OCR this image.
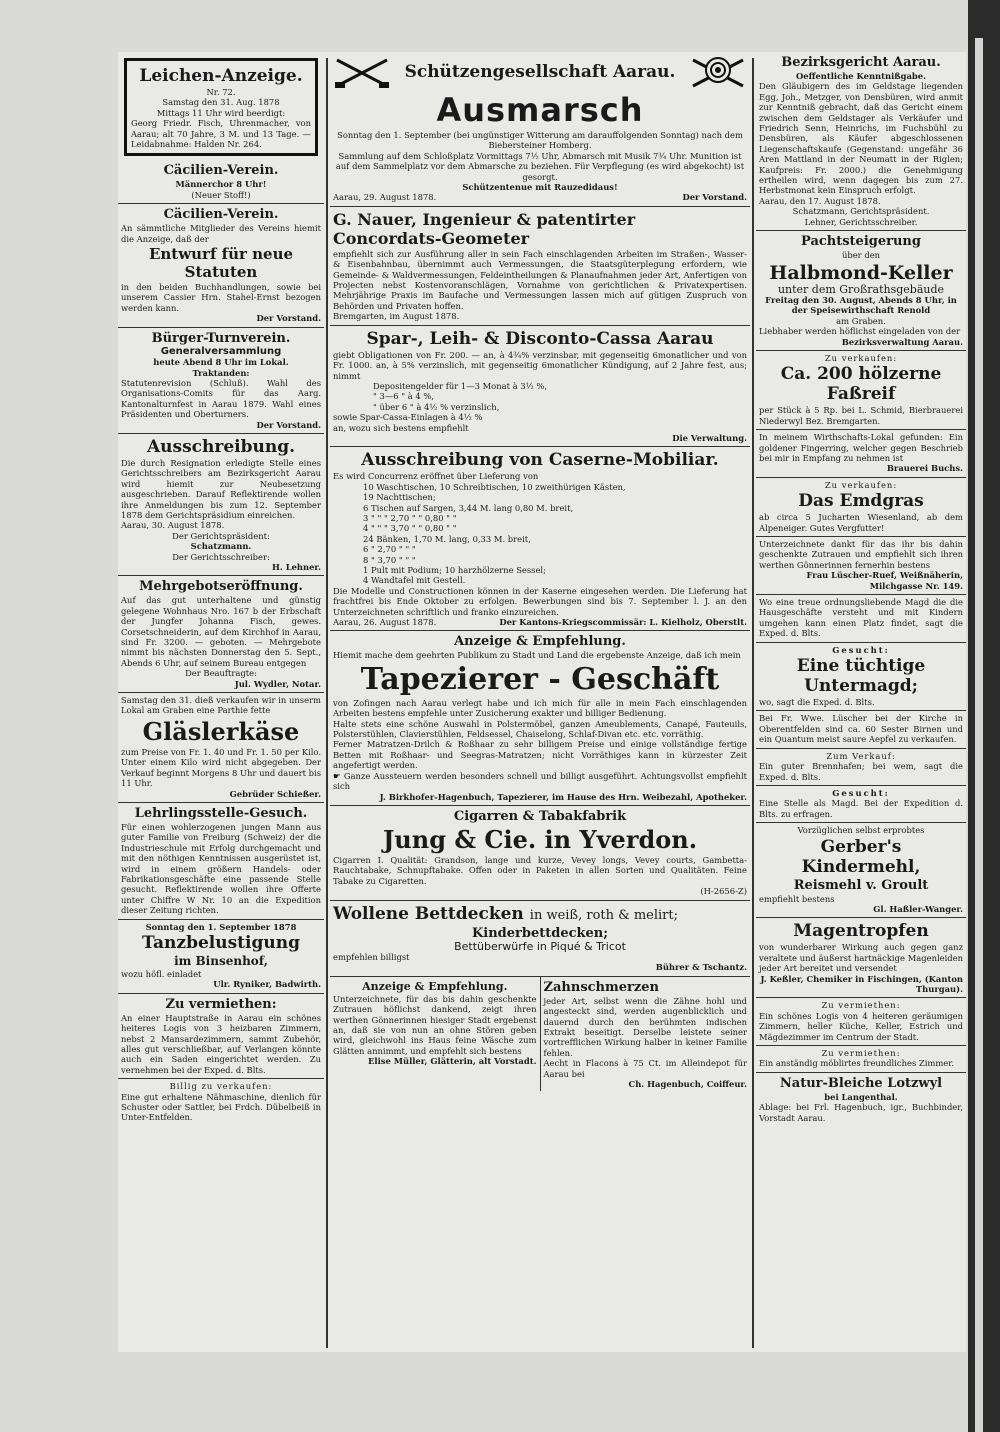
Leichen-Anzeige.

Nr. 72.

Samstag den 31. Aug. 1878

Mittags 11 Uhr wird beerdigt:

Georg Friedr. Fisch, Uhrenmacher, von Aarau; alt 70 Jahre, 3 M. und 13 Tage. — Leidabnahme: Halden Nr. 264.

Cäcilien-Verein.

Männerchor 8 Uhr!

(Neuer Stoff!)

Cäcilien-Verein.

An sämmtliche Mitglieder des Vereins hiemit die Anzeige, daß der

Entwurf für neue Statuten

in den beiden Buchhandlungen, sowie bei unserem Cassier Hrn. Stahel-Ernst bezogen werden kann.

Der Vorstand.

Bürger-Turnverein.
Generalversammlung

heute Abend 8 Uhr im Lokal.

Traktanden:

Statutenrevision (Schluß). Wahl des Organisations-Comits für das Aarg. Kantonalturnfest in Aarau 1879. Wahl eines Präsidenten und Oberturners.

Der Vorstand.

Ausschreibung.

Die durch Resignation erledigte Stelle eines Gerichtsschreibers am Bezirksgericht Aarau wird hiemit zur Neubesetzung ausgeschrieben. Darauf Reflektirende wollen ihre Anmeldungen bis zum 12. September 1878 dem Gerichtspräsidium einreichen.

Aarau, 30. August 1878.

Der Gerichtspräsident:

Schatzmann.

Der Gerichtsschreiber:

H. Lehner.

Mehrgebotseröffnung.

Auf das gut unterhaltene und günstig gelegene Wohnhaus Nro. 167 b der Erbschaft der Jungfer Johanna Fisch, gewes. Corsetschneiderin, auf dem Kirchhof in Aarau, sind Fr. 3200. — geboten. — Mehrgebote nimmt bis nächsten Donnerstag den 5. Sept., Abends 6 Uhr, auf seinem Bureau entgegen

Der Beauftragte:

Jul. Wydler, Notar.

Samstag den 31. dieß verkaufen wir in unserm Lokal am Graben eine Parthie fette

Gläslerkäse

zum Preise von Fr. 1. 40 und Fr. 1. 50 per Kilo. Unter einem Kilo wird nicht abgegeben. Der Verkauf beginnt Morgens 8 Uhr und dauert bis 11 Uhr.

Gebrüder Schießer.

Lehrlingsstelle-Gesuch.

Für einen wohlerzogenen jungen Mann aus guter Familie von Freiburg (Schweiz) der die Industrieschule mit Erfolg durchgemacht und mit den nöthigen Kenntnissen ausgerüstet ist, wird in einem größern Handels- oder Fabrikationsgeschäfte eine passende Stelle gesucht. Reflektirende wollen ihre Offerte unter Chiffre W Nr. 10 an die Expedition dieser Zeitung richten.

Sonntag den 1. September 1878

Tanzbelustigung
im Binsenhof,

wozu höfl. einladet

Ulr. Ryniker, Badwirth.

Zu vermiethen:

An einer Hauptstraße in Aarau ein schönes heiteres Logis von 3 heizbaren Zimmern, nebst 2 Mansardezimmern, sammt Zubehör, alles gut verschließbar, auf Verlangen könnte auch ein Saden eingerichtet werden. Zu vernehmen bei der Exped. d. Blts.

Billig zu verkaufen:

Eine gut erhaltene Nähmaschine, dienlich für Schuster oder Sattler, bei Frdch. Dübelbeiß in Unter-Entfelden.

Schützengesellschaft Aarau.
Ausmarsch

Sonntag den 1. September (bei ungünstiger Witterung am darauffolgenden Sonntag) nach dem Biebersteiner Homberg.

Sammlung auf dem Schloßplatz Vormittags 7½ Uhr, Abmarsch mit Musik 7¾ Uhr. Munition ist auf dem Sammelplatz vor dem Abmarsche zu beziehen. Für Verpflegung (es wird abgekocht) ist gesorgt.

Schützentenue mit Rauzedidaus!

Aarau, 29. August 1878.	Der Vorstand.

G. Nauer, Ingenieur & patentirter Concordats-Geometer

empfiehlt sich zur Ausführung aller in sein Fach einschlagenden Arbeiten im Straßen-, Wasser- & Eisenbahnbau, übernimmt auch Vermessungen, die Staatsgüterplegung erfordern, wie Gemeinde- & Waldvermessungen, Feldeintheilungen & Planaufnahmen jeder Art, Anfertigen von Projecten nebst Kostenvoranschlägen, Vornahme von gerichtlichen & Privatexpertisen. Mehrjährige Praxis im Baufache und Vermessungen lassen mich auf gütigen Zuspruch von Behörden und Privaten hoffen.

Bremgarten, im August 1878.

Spar-, Leih- & Disconto-Cassa Aarau

giebt Obligationen von Fr. 200. — an, à 4¾% verzinsbar, mit gegenseitig 6monatlicher und von Fr. 1000. an, à 5% verzinslich, mit gegenseitig 6monatlicher Kündigung, auf 2 Jahre fest, aus; nimmt

Depositengelder für 1—3 Monat à 3½ %,

" 3—6 " à 4 %,

" über 6 " à 4½ % verzinslich,

sowie Spar-Cassa-Einlagen à 4½ %

an, wozu sich bestens empfiehlt

Die Verwaltung.

Ausschreibung von Caserne-Mobiliar.

Es wird Concurrenz eröffnet über Lieferung von

10 Waschtischen, 10 Schreibtischen, 10 zweithürigen Kästen,

19 Nachttischen;

6 Tischen auf Sargen, 3,44 M. lang 0,80 M. breit,

3 " " " 2,70 " " 0,80 " "

4 " " " 3,70 " " 0,80 " "

24 Bänken, 1,70 M. lang, 0,33 M. breit,

6 " 2,70 " " "

8 " 3,70 " " "

1 Pult mit Podium; 10 harzhölzerne Sessel;

4 Wandtafel mit Gestell.

Die Modelle und Constructionen können in der Kaserne eingesehen werden. Die Lieferung hat frachtfrei bis Ende Oktober zu erfolgen. Bewerbungen sind bis 7. September l. J. an den Unterzeichneten schriftlich und franko einzureichen.

Aarau, 26. August 1878.	Der Kantons-Kriegscommissär: L. Kielholz, Oberstlt.

Anzeige & Empfehlung.

Hiemit mache dem geehrten Publikum zu Stadt und Land die ergebenste Anzeige, daß ich mein

Tapezierer - Geschäft

von Zofingen nach Aarau verlegt habe und ich mich für alle in mein Fach einschlagenden Arbeiten bestens empfehle unter Zusicherung exakter und billiger Bedienung.

Halte stets eine schöne Auswahl in Polstermöbel, ganzen Ameublements, Canapé, Fauteuils, Polsterstühlen, Clavierstühlen, Feldsessel, Chaiselong, Schlaf-Divan etc. etc. vorräthig.

Ferner Matratzen-Drilch & Roßhaar zu sehr billigem Preise und einige vollständige fertige Betten mit Roßhaar- und Seegras-Matratzen; nicht Vorräthiges kann in kürzester Zeit angefertigt werden.

☛ Ganze Aussteuern werden besonders schnell und billigt ausgeführt. Achtungsvollst empfiehlt sich

J. Birkhofer-Hagenbuch, Tapezierer, im Hause des Hrn. Weibezahl, Apotheker.

Cigarren & Tabakfabrik
Jung & Cie. in Yverdon.

Cigarren I. Qualität: Grandson, lange und kurze, Vevey longs, Vevey courts, Gambetta-Rauchtabake, Schnupftabake. Offen oder in Paketen in allen Sorten und Qualitäten. Feine Tabake zu Cigaretten.

(H-2656-Z)

Wollene Bettdecken in weiß, roth & melirt;
Kinderbettdecken;
Bettüberwürfe in Piqué & Tricot

empfehlen billigst

Bührer & Tschantz.

Anzeige & Empfehlung.

Unterzeichnete, für das bis dahin geschenkte Zutrauen höflichst dankend, zeigt ihren werthen Gönnerinnen hiesiger Stadt ergebenst an, daß sie von nun an ohne Stören geben wird, gleichwohl ins Haus feine Wäsche zum Glätten annimmt, und empfehlt sich bestens

Elise Müller, Glätterin, alt Vorstadt.

Zahnschmerzen

jeder Art, selbst wenn die Zähne hohl und angesteckt sind, werden augenblicklich und dauernd durch den berühmten indischen Extrakt beseitigt. Derselbe leistete seiner vortrefflichen Wirkung halber in keiner Familie fehlen.

Aecht in Flacons à 75 Ct. im Alleindepot für Aarau bei

Ch. Hagenbuch, Coiffeur.

Bezirksgericht Aarau.

Oeffentliche Kenntnißgabe.

Den Gläubigern des im Geldstage liegenden Egg, Joh., Metzger, von Densbüren, wird anmit zur Kenntniß gebracht, daß das Gericht einem zwischen dem Geldstager als Verkäufer und Friedrich Senn, Heinrichs, im Fuchsbühl zu Densbüren, als Käufer abgeschlossenen Liegenschaftskaufe (Gegenstand: ungefähr 36 Aren Mattland in der Neumatt in der Riglen; Kaufpreis: Fr. 2000.) die Genehmigung ertheilen wird, wenn dagegen bis zum 27. Herbstmonat kein Einspruch erfolgt.

Aarau, den 17. August 1878.

Schatzmann, Gerichtspräsident.

Lehner, Gerichtsschreiber.

Pachtsteigerung

über den

Halbmond-Keller

unter dem Großrathsgebäude

Freitag den 30. August, Abends 8 Uhr, in der Speisewirthschaft Renold

am Graben.

Liebhaber werden höflichst eingeladen von der

Bezirksverwaltung Aarau.

Zu verkaufen:

Ca. 200 hölzerne Faßreif

per Stück à 5 Rp. bei L. Schmid, Bierbrauerei Niederwyl Bez. Bremgarten.

In meinem Wirthschafts-Lokal gefunden: Ein goldener Fingerring, welcher gegen Beschrieb bei mir in Empfang zu nehmen ist

Brauerei Buchs.

Zu verkaufen:

Das Emdgras

ab circa 5 Jucharten Wiesenland, ab dem Alpeneiger. Gutes Vergfutter!

Unterzeichnete dankt für das ihr bis dahin geschenkte Zutrauen und empfiehlt sich ihren werthen Gönnerinnen fernerhin bestens

Frau Lüscher-Ruef, Weißnäherin, Milchgasse Nr. 149.

Wo eine treue ordnungsliebende Magd die die Hausgeschäfte versteht und mit Kindern umgehen kann einen Platz findet, sagt die Exped. d. Blts.

Gesucht:

Eine tüchtige Untermagd;

wo, sagt die Exped. d. Blts.

Bei Fr. Wwe. Lüscher bei der Kirche in Oberentfelden sind ca. 60 Sester Birnen und ein Quantum meist saure Aepfel zu verkaufen.

Zum Verkauf:

Ein guter Brennhafen; bei wem, sagt die Exped. d. Blts.

Gesucht:

Eine Stelle als Magd. Bei der Expedition d. Blts. zu erfragen.

Vorzüglichen selbst erprobtes

Gerber's Kindermehl,
Reismehl v. Groult

empfiehlt bestens

Gl. Haßler-Wanger.

Magentropfen

von wunderbarer Wirkung auch gegen ganz veraltete und äußerst hartnäckige Magenleiden jeder Art bereitet und versendet

J. Keßler, Chemiker in Fischingen, (Kanton Thurgau).

Zu vermiethen:

Ein schönes Logis von 4 heiteren geräumigen Zimmern, heller Küche, Keller, Estrich und Mägdezimmer im Centrum der Stadt.

Zu vermiethen:

Ein anständig möblirtes freundliches Zimmer.

Natur-Bleiche Lotzwyl

bei Langenthal.

Ablage: bei Frl. Hagenbuch, igr., Buchbinder, Vorstadt Aarau.
